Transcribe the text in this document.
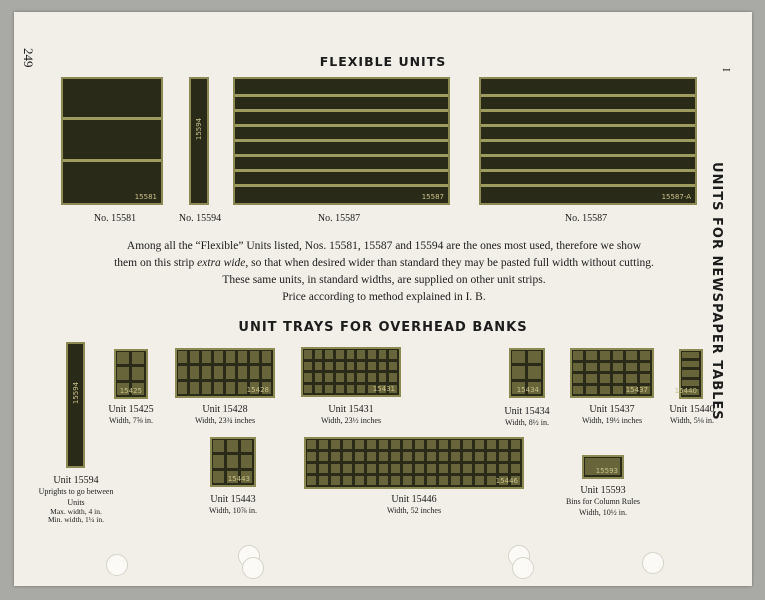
249
I
UNITS FOR NEWSPAPER TABLES
FLEXIBLE UNITS
15581
15594
15587	15587-A
No. 15581	No. 15594	No. 15587	No. 15587

Among all the “Flexible” Units listed, Nos. 15581, 15587 and 15594 are the ones most used, therefore we show

them on this strip extra wide, so that when desired wider than standard they may be pasted full width without cutting.

These same units, in standard widths, are supplied on other unit strips.

Price according to method explained in I. B.

UNIT TRAYS FOR OVERHEAD BANKS
15594	15425	15428	15431	15434	15437	15440
15443	15446
15593
Unit 15594
Uprights to go between Units
Max. width, 4 in.
Min. width, 1¼ in.
Unit 15425
Width, 7⅝ in.
Unit 15428
Width, 23¾ inches
Unit 15431
Width, 23½ inches
Unit 15434
Width, 8½ in.
Unit 15437
Width, 19½ inches
Unit 15440
Width, 5⅛ in.
Unit 15443
Width, 10⅞ in.
Unit 15446
Width, 52 inches
Unit 15593
Bins for Column Rules
Width, 10½ in.
